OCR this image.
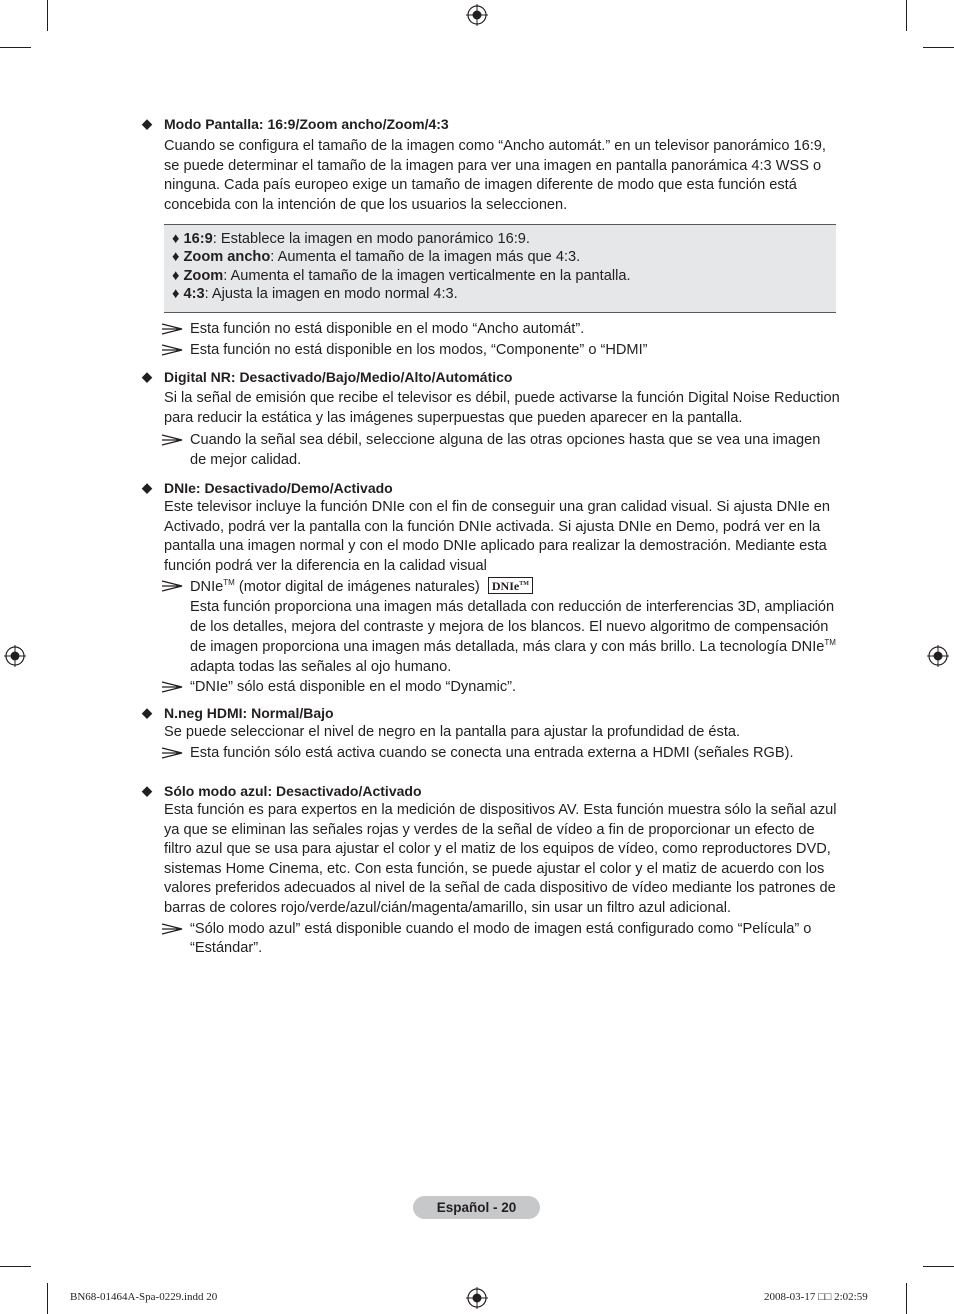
◆ Modo Pantalla: 16:9/Zoom ancho/Zoom/4:3
Cuando se configura el tamaño de la imagen como “Ancho automát.” en un televisor panorámico 16:9, se puede determinar el tamaño de la imagen para ver una imagen en pantalla panorámica 4:3 WSS o ninguna. Cada país europeo exige un tamaño de imagen diferente de modo que esta función está concebida con la intención de que los usuarios la seleccionen.
♦ 16:9: Establece la imagen en modo panorámico 16:9.
♦ Zoom ancho: Aumenta el tamaño de la imagen más que 4:3.
♦ Zoom: Aumenta el tamaño de la imagen verticalmente en la pantalla.
♦ 4:3: Ajusta la imagen en modo normal 4:3.
Esta función no está disponible en el modo “Ancho automát”.
Esta función no está disponible en los modos, “Componente” o “HDMI”
◆ Digital NR: Desactivado/Bajo/Medio/Alto/Automático
Si la señal de emisión que recibe el televisor es débil, puede activarse la función Digital Noise Reduction para reducir la estática y las imágenes superpuestas que pueden aparecer en la pantalla.
Cuando la señal sea débil, seleccione alguna de las otras opciones hasta que se vea una imagen de mejor calidad.
◆ DNIe: Desactivado/Demo/Activado
Este televisor incluye la función DNIe con el fin de conseguir una gran calidad visual. Si ajusta DNIe en Activado, podrá ver la pantalla con la función DNIe activada. Si ajusta DNIe en Demo, podrá ver en la pantalla una imagen normal y con el modo DNIe aplicado para realizar la demostración. Mediante esta función podrá ver la diferencia en la calidad visual
DNIe™ (motor digital de imágenes naturales) DNIe™
Esta función proporciona una imagen más detallada con reducción de interferencias 3D, ampliación de los detalles, mejora del contraste y mejora de los blancos. El nuevo algoritmo de compensación de imagen proporciona una imagen más detallada, más clara y con más brillo. La tecnología DNIe™ adapta todas las señales al ojo humano.
“DNIe” sólo está disponible en el modo “Dynamic”.
◆ N.neg HDMI: Normal/Bajo
Se puede seleccionar el nivel de negro en la pantalla para ajustar la profundidad de ésta.
Esta función sólo está activa cuando se conecta una entrada externa a HDMI (señales RGB).
◆ Sólo modo azul: Desactivado/Activado
Esta función es para expertos en la medición de dispositivos AV. Esta función muestra sólo la señal azul ya que se eliminan las señales rojas y verdes de la señal de vídeo a fin de proporcionar un efecto de filtro azul que se usa para ajustar el color y el matiz de los equipos de vídeo, como reproductores DVD, sistemas Home Cinema, etc. Con esta función, se puede ajustar el color y el matiz de acuerdo con los valores preferidos adecuados al nivel de la señal de cada dispositivo de vídeo mediante los patrones de barras de colores rojo/verde/azul/cián/magenta/amarillo, sin usar un filtro azul adicional.
“Sólo modo azul” está disponible cuando el modo de imagen está configurado como “Película” o “Estándar”.
Español - 20
BN68-01464A-Spa-0229.indd 20	2008-03-17 □□ 2:02:59
